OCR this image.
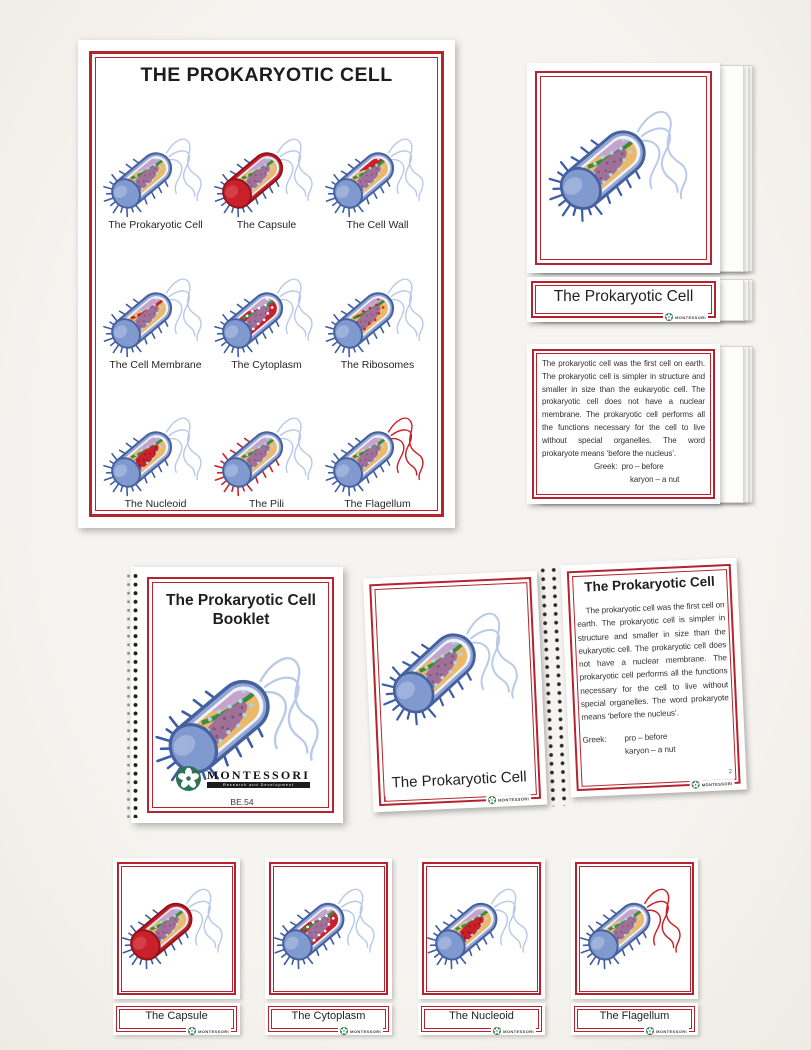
THE PROKARYOTIC CELL
The Prokaryotic Cell	The Capsule	The Cell Wall
The Cell Membrane	The Cytoplasm	The Ribosomes
The Nucleoid	The Pili	The Flagellum
The Prokaryotic Cell
MONTESSORI
The prokaryotic cell was the first cell on earth. The prokaryotic cell is simpler in structure and smaller in size than the eukaryotic cell. The prokaryotic cell does not have a nuclear membrane. The prokaryotic cell performs all the functions necessary for the cell to live without special organelles. The word prokaryote means ‘before the nucleus’.
Greek: pro – before
karyon – a nut
The Prokaryotic Cell
Booklet
MONTESSORI
Research and Development
BE.54
The Prokaryotic Cell
1	MONTESSORI
The Prokaryotic Cell
The prokaryotic cell was the first cell on earth. The prokaryotic cell is simpler in structure and smaller in size than the eukaryotic cell. The prokaryotic cell does not have a nuclear membrane. The prokaryotic cell performs all the functions necessary for the cell to live without special organelles. The word prokaryote means ‘before the nucleus’.
Greek: pro – before
karyon – a nut
2
MONTESSORI
The Capsule
MONTESSORI
The Cytoplasm
MONTESSORI
The Nucleoid
MONTESSORI
The Flagellum
MONTESSORI
